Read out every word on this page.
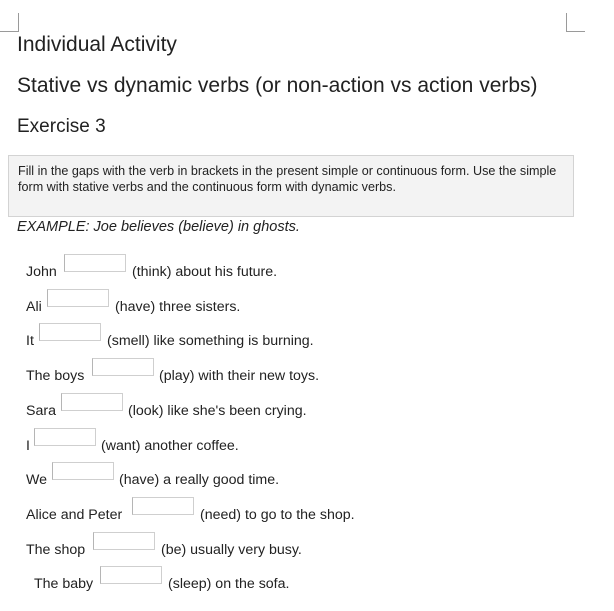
Individual Activity
Stative vs dynamic verbs (or non-action vs action verbs)
Exercise 3
Fill in the gaps with the verb in brackets in the present simple or continuous form. Use the simple form with stative verbs and the continuous form with dynamic verbs.
EXAMPLE: Joe believes (believe) in ghosts.
John	(think) about his future.
Ali	(have) three sisters.
It	(smell) like something is burning.
The boys	(play) with their new toys.
Sara	(look) like she's been crying.
I	(want) another coffee.
We	(have) a really good time.
Alice and Peter	(need) to go to the shop.
The shop	(be) usually very busy.
The baby	(sleep) on the sofa.
